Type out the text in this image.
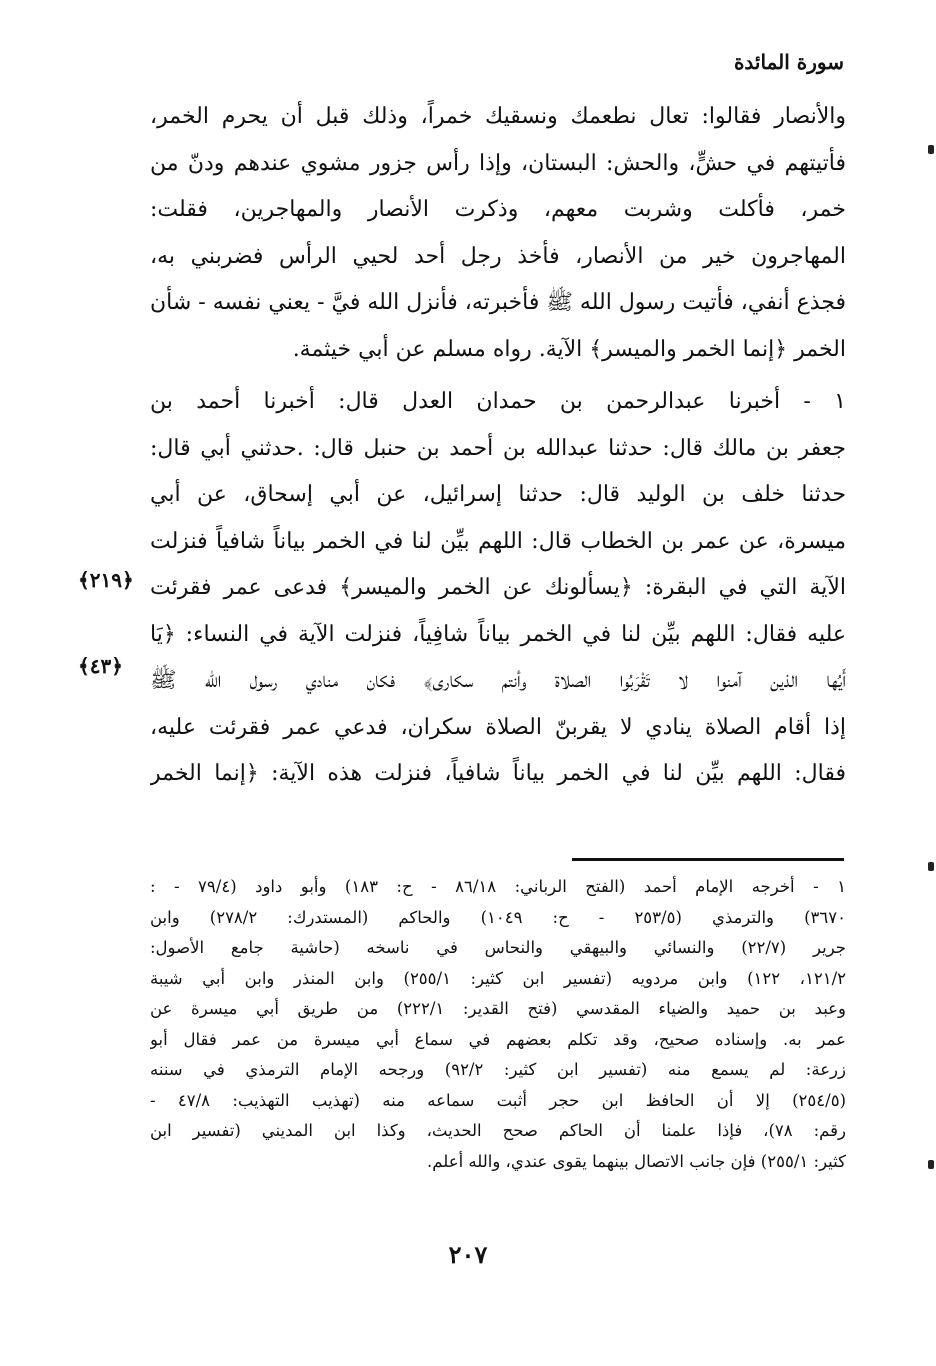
سورة المائدة
والأنصار فقالوا: تعال نطعمك ونسقيك خمراً، وذلك قبل أن يحرم الخمر،
فأتيتهم في حشٍّ، والحش: البستان، وإذا رأس جزور مشوي عندهم ودنّ من
خمر، فأكلت وشربت معهم، وذكرت الأنصار والمهاجرين، فقلت:
المهاجرون خير من الأنصار، فأخذ رجل أحد لحيي الرأس فضربني به،
فجذع أنفي، فأتيت رسول الله ﷺ فأخبرته، فأنزل الله فيَّ - يعني نفسه - شأن
الخمر ﴿إنما الخمر والميسر﴾ الآية. رواه مسلم عن أبي خيثمة.
١ - أخبرنا عبدالرحمن بن حمدان العدل قال: أخبرنا أحمد بن
جعفر بن مالك قال: حدثنا عبدالله بن أحمد بن حنبل قال: .حدثني أبي قال:
حدثنا خلف بن الوليد قال: حدثنا إسرائيل، عن أبي إسحاق، عن أبي
ميسرة، عن عمر بن الخطاب قال: اللهم بيِّن لنا في الخمر بياناً شافياً فنزلت
الآية التي في البقرة: ﴿يسألونك عن الخمر والميسر﴾ فدعى عمر فقرئت
عليه فقال: اللهم بيِّن لنا في الخمر بياناً شافِياً، فنزلت الآية في النساء: ﴿يَا
أَيُها الذين آمنوا لا تَقْرَبُوا الصلاة وأنتم سكارى﴾ فكان منادي رسول الله ﷺ
إذا أقام الصلاة ينادي لا يقربنّ الصلاة سكران، فدعي عمر فقرئت عليه،
فقال: اللهم بيِّن لنا في الخمر بياناً شافياً، فنزلت هذه الآية: ﴿إنما الخمر
﴿٢١٩﴾
﴿٤٣﴾
١ - أخرجه الإمام أحمد (الفتح الرباني: ٨٦/١٨ - ح: ١٨٣) وأبو داود (٧٩/٤ - :
٣٦٧٠) والترمذي (٢٥٣/٥ - ح: ١٠٤٩) والحاكم (المستدرك: ٢٧٨/٢) وابن
جرير (٢٢/٧) والنسائي والبيهقي والنحاس في ناسخه (حاشية جامع الأصول:
١٢١/٢، ١٢٢) وابن مردويه (تفسير ابن كثير: ٢٥٥/١) وابن المنذر وابن أبي شيبة
وعبد بن حميد والضياء المقدسي (فتح القدير: ٢٢٢/١) من طريق أبي ميسرة عن
عمر به. وإسناده صحيح، وقد تكلم بعضهم في سماع أبي ميسرة من عمر فقال أبو
زرعة: لم يسمع منه (تفسير ابن كثير: ٩٢/٢) ورجحه الإمام الترمذي في سننه
(٢٥٤/٥) إلا أن الحافظ ابن حجر أثبت سماعه منه (تهذيب التهذيب: ٤٧/٨ -
رقم: ٧٨)، فإذا علمنا أن الحاكم صحح الحديث، وكذا ابن المديني (تفسير ابن
كثير: ٢٥٥/١) فإن جانب الاتصال بينهما يقوى عندي، والله أعلم.
٢٠٧
